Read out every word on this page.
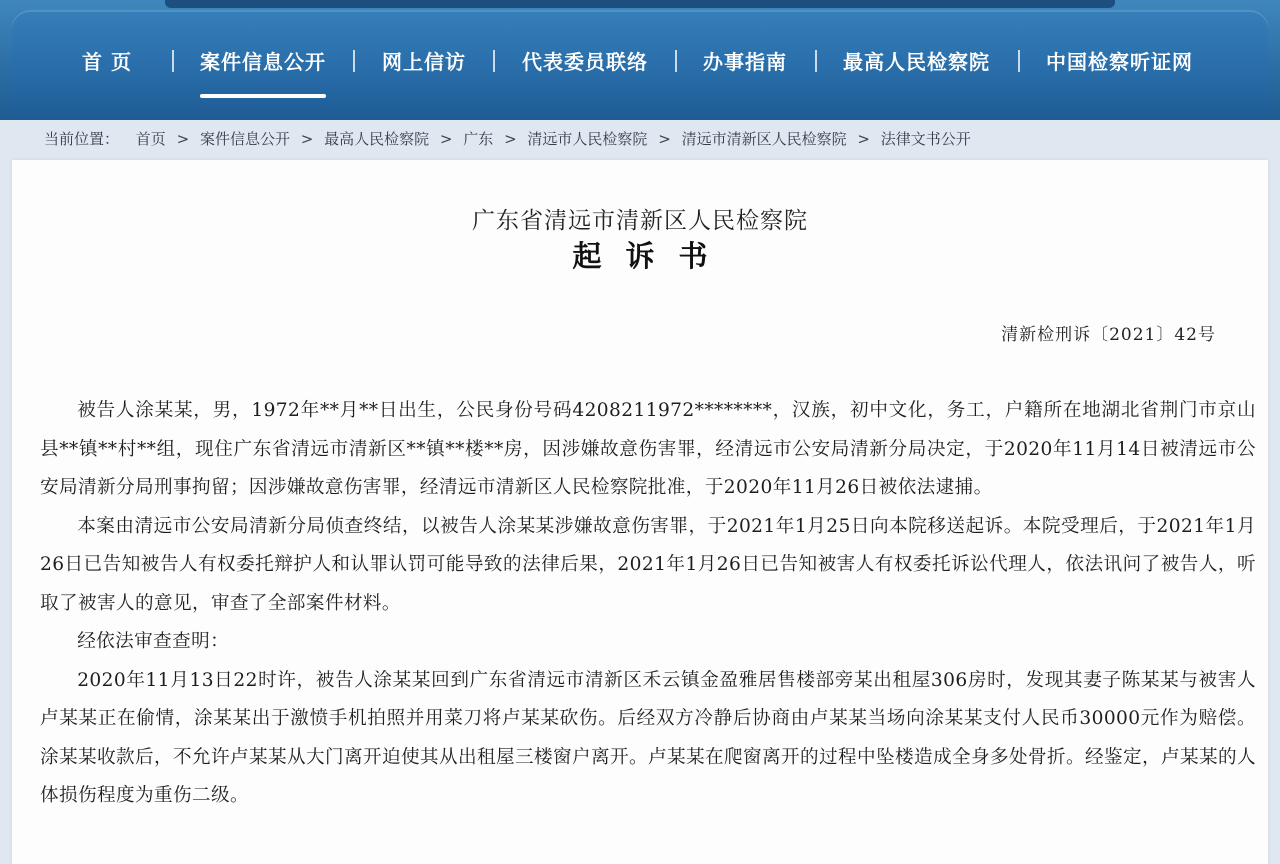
首 页	案件信息公开	网上信访	代表委员联络	办事指南	最高人民检察院	中国检察听证网
当前位置： 首页 > 案件信息公开 > 最高人民检察院 > 广东 > 清远市人民检察院 > 清远市清新区人民检察院 > 法律文书公开
广东省清远市清新区人民检察院
起诉书
清新检刑诉〔2021〕42号

被告人涂某某，男，1972年**月**日出生，公民身份号码4208211972********，汉族，初中文化，务工，户籍所在地湖北省荆门市京山县**镇**村**组，现住广东省清远市清新区**镇**楼**房，因涉嫌故意伤害罪，经清远市公安局清新分局决定，于2020年11月14日被清远市公安局清新分局刑事拘留；因涉嫌故意伤害罪，经清远市清新区人民检察院批准，于2020年11月26日被依法逮捕。

本案由清远市公安局清新分局侦查终结，以被告人涂某某涉嫌故意伤害罪，于2021年1月25日向本院移送起诉。本院受理后，于2021年1月26日已告知被告人有权委托辩护人和认罪认罚可能导致的法律后果，2021年1月26日已告知被害人有权委托诉讼代理人，依法讯问了被告人，听取了被害人的意见，审查了全部案件材料。

经依法审查查明：

2020年11月13日22时许，被告人涂某某回到广东省清远市清新区禾云镇金盈雅居售楼部旁某出租屋306房时，发现其妻子陈某某与被害人卢某某正在偷情，涂某某出于激愤手机拍照并用菜刀将卢某某砍伤。后经双方冷静后协商由卢某某当场向涂某某支付人民币30000元作为赔偿。涂某某收款后，不允许卢某某从大门离开迫使其从出租屋三楼窗户离开。卢某某在爬窗离开的过程中坠楼造成全身多处骨折。经鉴定，卢某某的人体损伤程度为重伤二级。
